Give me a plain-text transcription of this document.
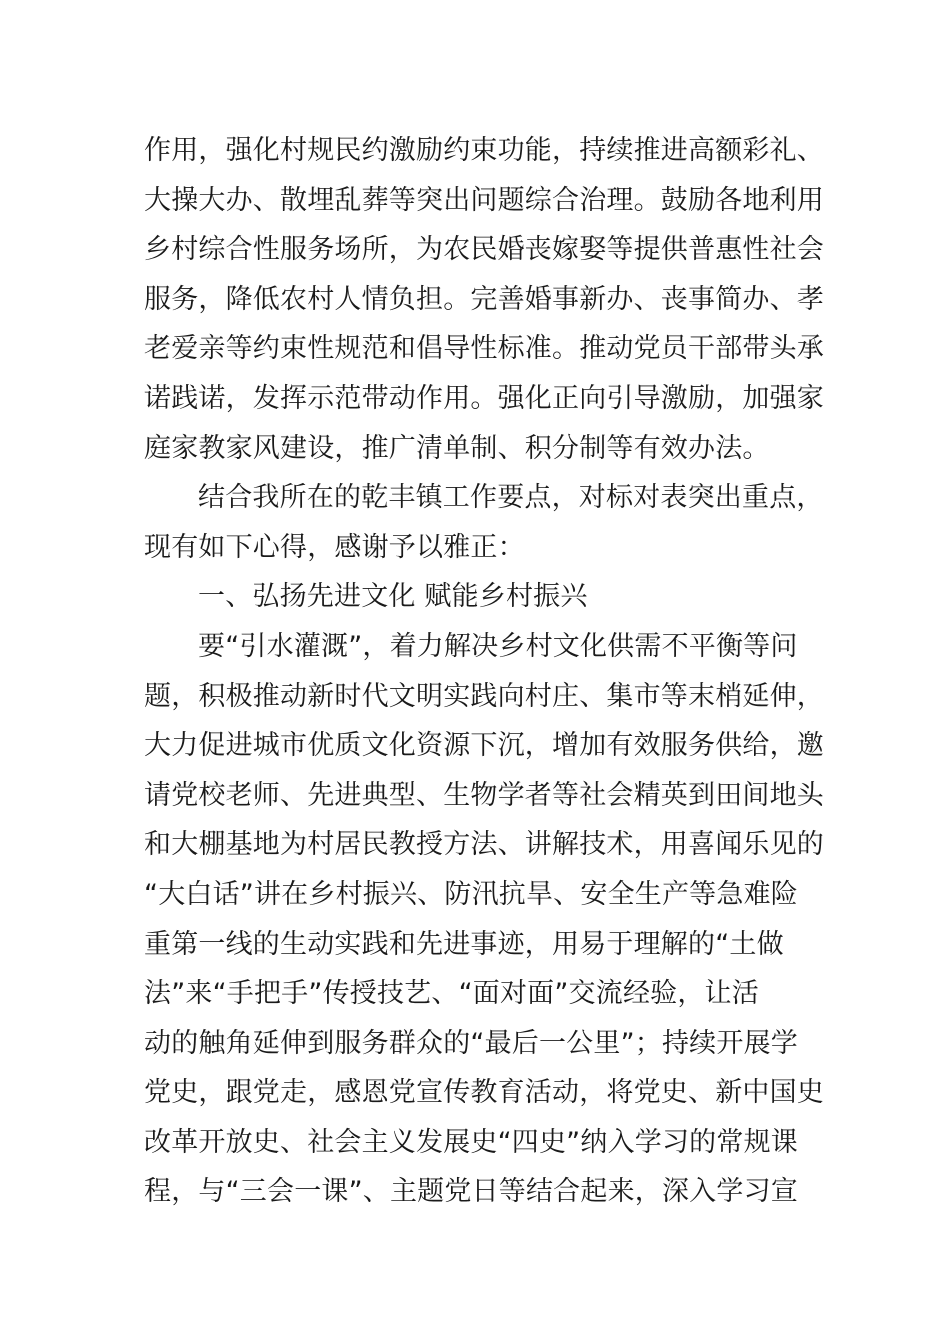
作用，强化村规民约激励约束功能，持续推进高额彩礼、
大操大办、散埋乱葬等突出问题综合治理。鼓励各地利用
乡村综合性服务场所，为农民婚丧嫁娶等提供普惠性社会
服务，降低农村人情负担。完善婚事新办、丧事简办、孝
老爱亲等约束性规范和倡导性标准。推动党员干部带头承
诺践诺，发挥示范带动作用。强化正向引导激励，加强家
庭家教家风建设，推广清单制、积分制等有效办法。
结合我所在的乾丰镇工作要点，对标对表突出重点，
现有如下心得，感谢予以雅正：
一、弘扬先进文化 赋能乡村振兴
要“引水灌溉”，着力解决乡村文化供需不平衡等问
题，积极推动新时代文明实践向村庄、集市等末梢延伸，
大力促进城市优质文化资源下沉，增加有效服务供给，邀
请党校老师、先进典型、生物学者等社会精英到田间地头
和大棚基地为村居民教授方法、讲解技术，用喜闻乐见的
“大白话”讲在乡村振兴、防汛抗旱、安全生产等急难险
重第一线的生动实践和先进事迹，用易于理解的“土做
法”来“手把手”传授技艺、“面对面”交流经验，让活
动的触角延伸到服务群众的“最后一公里”；持续开展学
党史，跟党走，感恩党宣传教育活动，将党史、新中国史
改革开放史、社会主义发展史“四史”纳入学习的常规课
程，与“三会一课”、主题党日等结合起来，深入学习宣
